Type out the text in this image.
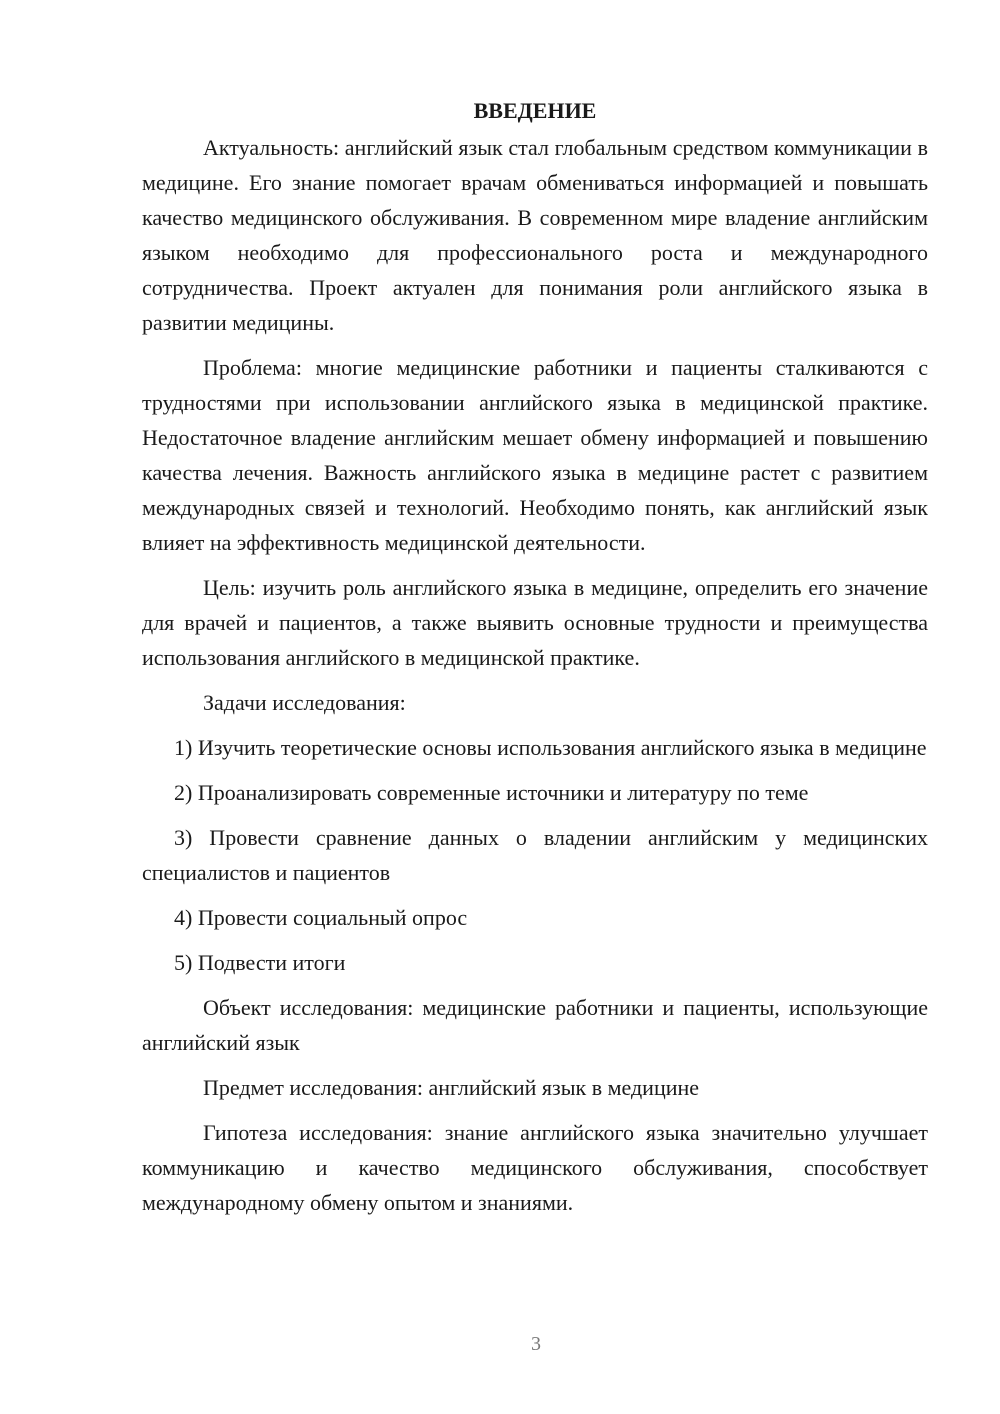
ВВЕДЕНИЕ

Актуальность: английский язык стал глобальным средством коммуникации в медицине. Его знание помогает врачам обмениваться информацией и повышать качество медицинского обслуживания. В современном мире владение английским языком необходимо для профессионального роста и международного сотрудничества. Проект актуален для понимания роли английского языка в развитии медицины.

Проблема: многие медицинские работники и пациенты сталкиваются с трудностями при использовании английского языка в медицинской практике. Недостаточное владение английским мешает обмену информацией и повышению качества лечения. Важность английского языка в медицине растет с развитием международных связей и технологий. Необходимо понять, как английский язык влияет на эффективность медицинской деятельности.

Цель: изучить роль английского языка в медицине, определить его значение для врачей и пациентов, а также выявить основные трудности и преимущества использования английского в медицинской практике.

Задачи исследования:

1) Изучить теоретические основы использования английского языка в медицине

2) Проанализировать современные источники и литературу по теме

3) Провести сравнение данных о владении английским у медицинских специалистов и пациентов

4) Провести социальный опрос

5) Подвести итоги

Объект исследования: медицинские работники и пациенты, использующие английский язык

Предмет исследования: английский язык в медицине

Гипотеза исследования: знание английского языка значительно улучшает коммуникацию и качество медицинского обслуживания, способствует международному обмену опытом и знаниями.

3
